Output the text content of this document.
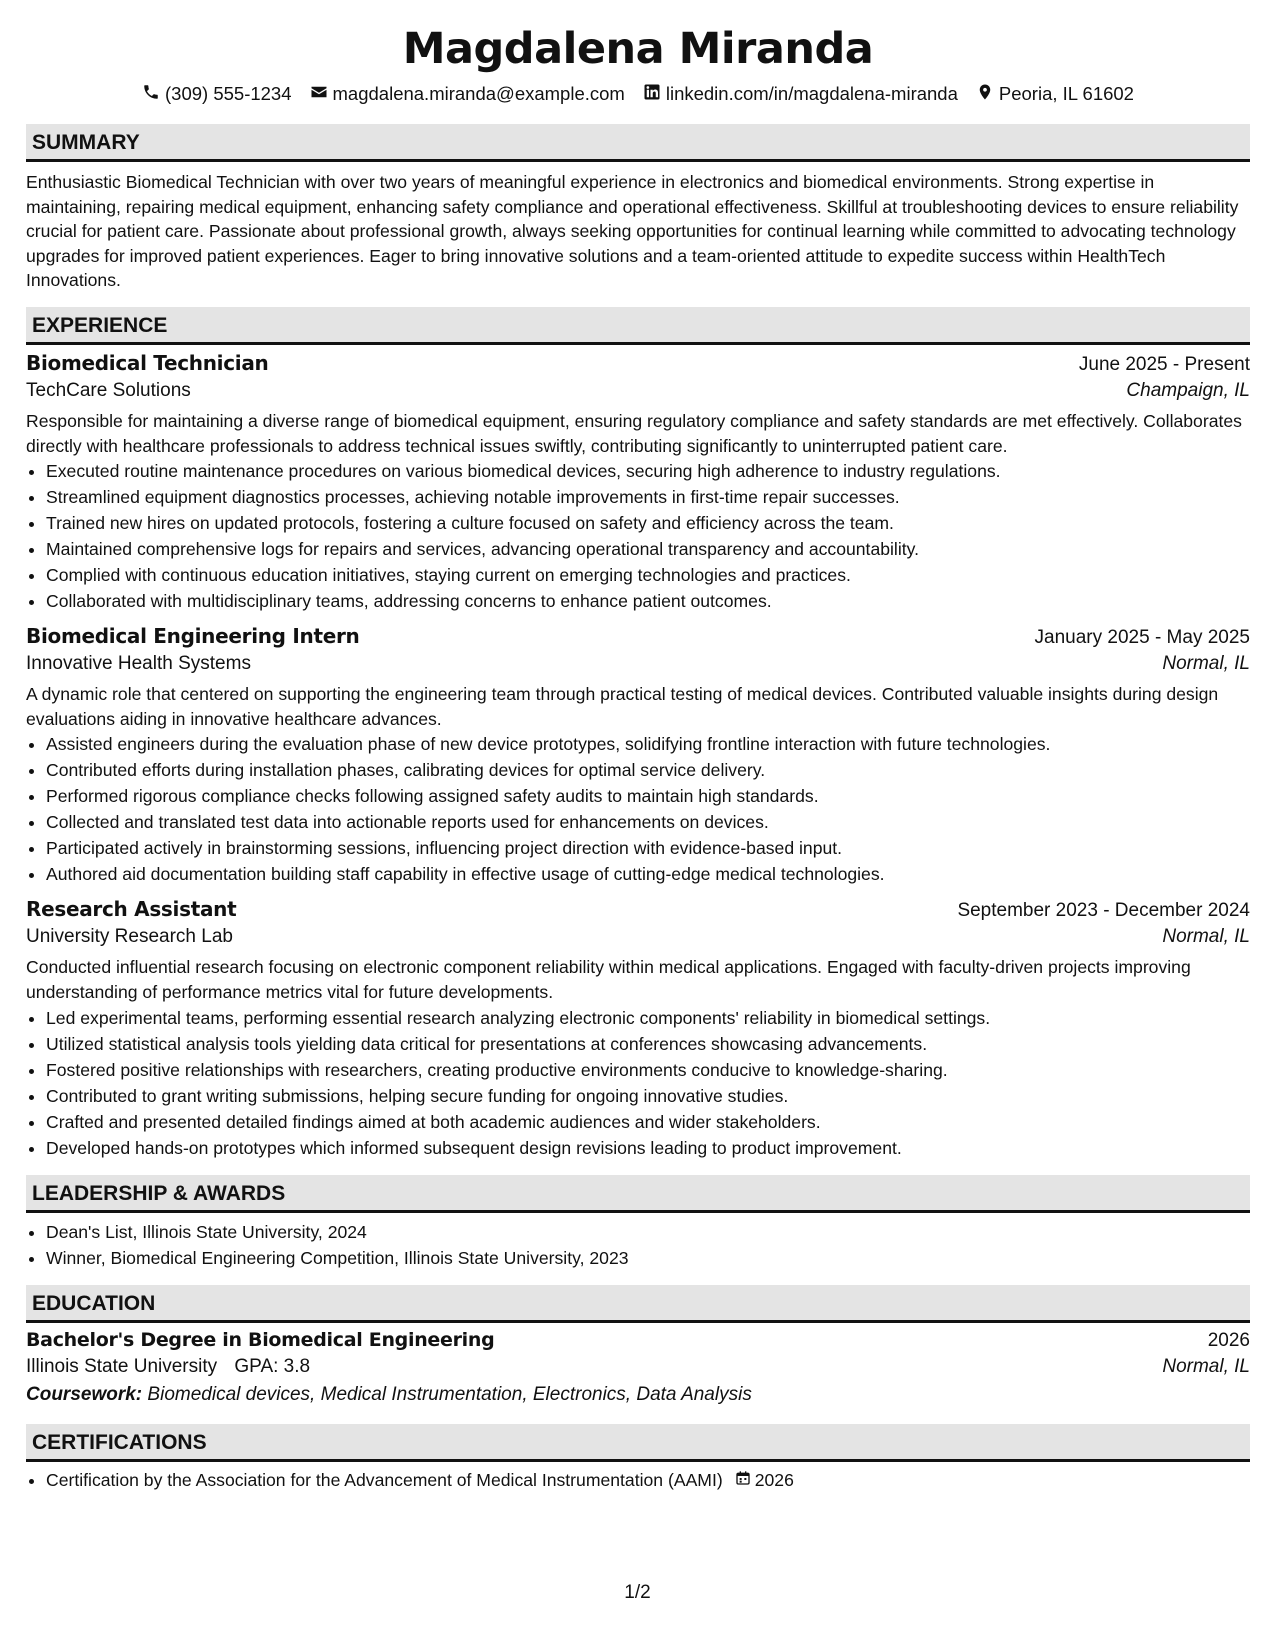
Magdalena Miranda
(309) 555-1234 magdalena.miranda@example.com linkedin.com/in/magdalena-miranda Peoria, IL 61602
SUMMARY
Enthusiastic Biomedical Technician with over two years of meaningful experience in electronics and biomedical environments. Strong expertise in maintaining, repairing medical equipment, enhancing safety compliance and operational effectiveness. Skillful at troubleshooting devices to ensure reliability crucial for patient care. Passionate about professional growth, always seeking opportunities for continual learning while committed to advocating technology upgrades for improved patient experiences. Eager to bring innovative solutions and a team-oriented attitude to expedite success within HealthTech Innovations.
EXPERIENCE
Biomedical Technician	June 2025 - Present
TechCare Solutions	Champaign, IL
Responsible for maintaining a diverse range of biomedical equipment, ensuring regulatory compliance and safety standards are met effectively. Collaborates directly with healthcare professionals to address technical issues swiftly, contributing significantly to uninterrupted patient care.
• Executed routine maintenance procedures on various biomedical devices, securing high adherence to industry regulations.
• Streamlined equipment diagnostics processes, achieving notable improvements in first-time repair successes.
• Trained new hires on updated protocols, fostering a culture focused on safety and efficiency across the team.
• Maintained comprehensive logs for repairs and services, advancing operational transparency and accountability.
• Complied with continuous education initiatives, staying current on emerging technologies and practices.
• Collaborated with multidisciplinary teams, addressing concerns to enhance patient outcomes.
Biomedical Engineering Intern	January 2025 - May 2025
Innovative Health Systems	Normal, IL
A dynamic role that centered on supporting the engineering team through practical testing of medical devices. Contributed valuable insights during design evaluations aiding in innovative healthcare advances.
• Assisted engineers during the evaluation phase of new device prototypes, solidifying frontline interaction with future technologies.
• Contributed efforts during installation phases, calibrating devices for optimal service delivery.
• Performed rigorous compliance checks following assigned safety audits to maintain high standards.
• Collected and translated test data into actionable reports used for enhancements on devices.
• Participated actively in brainstorming sessions, influencing project direction with evidence-based input.
• Authored aid documentation building staff capability in effective usage of cutting-edge medical technologies.
Research Assistant	September 2023 - December 2024
University Research Lab	Normal, IL
Conducted influential research focusing on electronic component reliability within medical applications. Engaged with faculty-driven projects improving understanding of performance metrics vital for future developments.
• Led experimental teams, performing essential research analyzing electronic components' reliability in biomedical settings.
• Utilized statistical analysis tools yielding data critical for presentations at conferences showcasing advancements.
• Fostered positive relationships with researchers, creating productive environments conducive to knowledge-sharing.
• Contributed to grant writing submissions, helping secure funding for ongoing innovative studies.
• Crafted and presented detailed findings aimed at both academic audiences and wider stakeholders.
• Developed hands-on prototypes which informed subsequent design revisions leading to product improvement.
LEADERSHIP & AWARDS
• Dean's List, Illinois State University, 2024
• Winner, Biomedical Engineering Competition, Illinois State University, 2023
EDUCATION
Bachelor's Degree in Biomedical Engineering	2026
Illinois State University GPA: 3.8	Normal, IL
Coursework: Biomedical devices, Medical Instrumentation, Electronics, Data Analysis
CERTIFICATIONS
• Certification by the Association for the Advancement of Medical Instrumentation (AAMI) 2026
1/2
